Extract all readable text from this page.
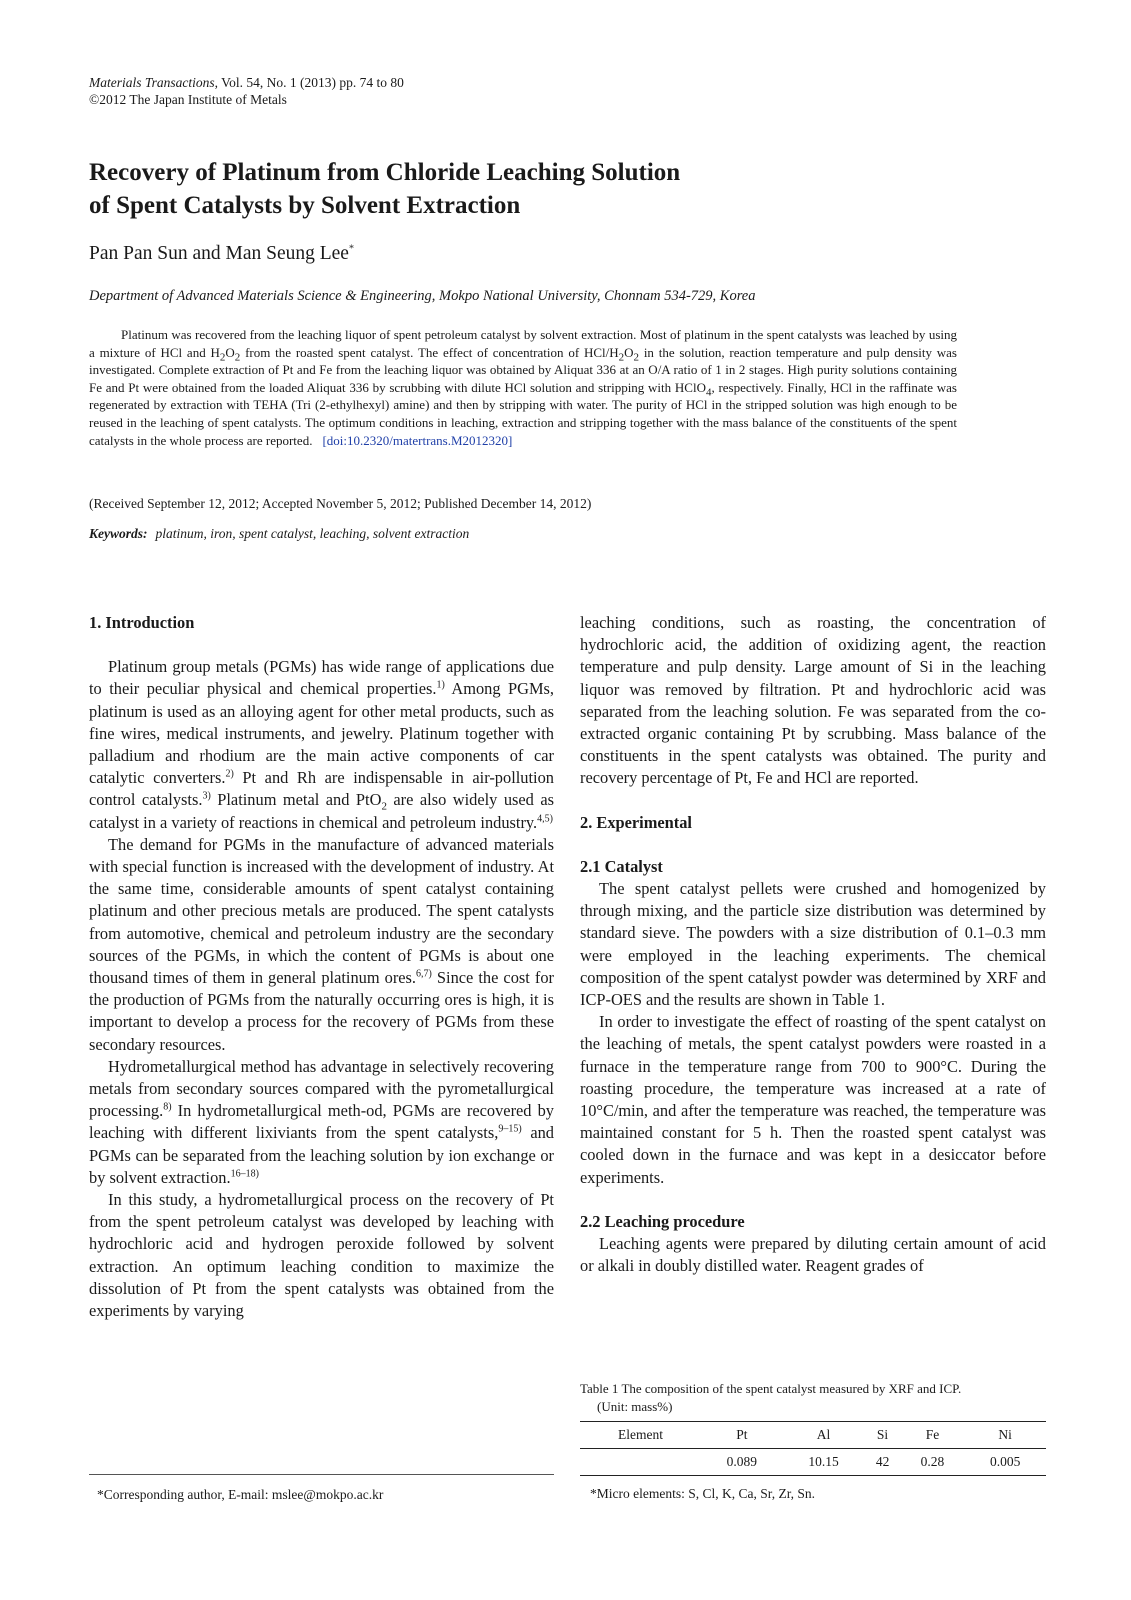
Materials Transactions, Vol. 54, No. 1 (2013) pp. 74 to 80
©2012 The Japan Institute of Metals
Recovery of Platinum from Chloride Leaching Solution
of Spent Catalysts by Solvent Extraction
Pan Pan Sun and Man Seung Lee*
Department of Advanced Materials Science & Engineering, Mokpo National University, Chonnam 534-729, Korea

Platinum was recovered from the leaching liquor of spent petroleum catalyst by solvent extraction. Most of platinum in the spent catalysts was leached by using a mixture of HCl and $H_2O_2$ from the roasted spent catalyst. The effect of concentration of HCl/$H_2O_2$ in the solution, reaction temperature and pulp density was investigated. Complete extraction of Pt and Fe from the leaching liquor was obtained by Aliquat 336 at an O/A ratio of 1 in 2 stages. High purity solutions containing Fe and Pt were obtained from the loaded Aliquat 336 by scrubbing with dilute HCl solution and stripping with HClO$_4$, respectively. Finally, HCl in the raffinate was regenerated by extraction with TEHA (Tri (2-ethylhexyl) amine) and then by stripping with water. The purity of HCl in the stripped solution was high enough to be reused in the leaching of spent catalysts. The optimum conditions in leaching, extraction and stripping together with the mass balance of the constituents of the spent catalysts in the whole process are reported. [doi:10.2320/matertrans.M2012320]

(Received September 12, 2012; Accepted November 5, 2012; Published December 14, 2012)
Keywords: platinum, iron, spent catalyst, leaching, solvent extraction
1. Introduction

Platinum group metals (PGMs) has wide range of applications due to their peculiar physical and chemical properties.$^{1)}$ Among PGMs, platinum is used as an alloying agent for other metal products, such as fine wires, medical instruments, and jewelry. Platinum together with palladium and rhodium are the main active components of car catalytic converters.$^{2)}$ Pt and Rh are indispensable in air-pollution control catalysts.$^{3)}$ Platinum metal and PtO$_2$ are also widely used as catalyst in a variety of reactions in chemical and petroleum industry.$^{4,5)}$

The demand for PGMs in the manufacture of advanced materials with special function is increased with the development of industry. At the same time, considerable amounts of spent catalyst containing platinum and other precious metals are produced. The spent catalysts from automotive, chemical and petroleum industry are the secondary sources of the PGMs, in which the content of PGMs is about one thousand times of them in general platinum ores.$^{6,7)}$ Since the cost for the production of PGMs from the naturally occurring ores is high, it is important to develop a process for the recovery of PGMs from these secondary resources.

Hydrometallurgical method has advantage in selectively recovering metals from secondary sources compared with the pyrometallurgical processing.$^{8)}$ In hydrometallurgical meth-od, PGMs are recovered by leaching with different lixiviants from the spent catalysts,$^{9-15)}$ and PGMs can be separated from the leaching solution by ion exchange or by solvent extraction.$^{16-18)}$

In this study, a hydrometallurgical process on the recovery of Pt from the spent petroleum catalyst was developed by leaching with hydrochloric acid and hydrogen peroxide followed by solvent extraction. An optimum leaching condition to maximize the dissolution of Pt from the spent catalysts was obtained from the experiments by varying

leaching conditions, such as roasting, the concentration of hydrochloric acid, the addition of oxidizing agent, the reaction temperature and pulp density. Large amount of Si in the leaching liquor was removed by filtration. Pt and hydrochloric acid was separated from the leaching solution. Fe was separated from the co-extracted organic containing Pt by scrubbing. Mass balance of the constituents in the spent catalysts was obtained. The purity and recovery percentage of Pt, Fe and HCl are reported.

2. Experimental
2.1 Catalyst

The spent catalyst pellets were crushed and homogenized by through mixing, and the particle size distribution was determined by standard sieve. The powders with a size distribution of 0.1–0.3 mm were employed in the leaching experiments. The chemical composition of the spent catalyst powder was determined by XRF and ICP-OES and the results are shown in Table 1.

In order to investigate the effect of roasting of the spent catalyst on the leaching of metals, the spent catalyst powders were roasted in a furnace in the temperature range from 700 to 900°C. During the roasting procedure, the temperature was increased at a rate of 10°C/min, and after the temperature was reached, the temperature was maintained constant for 5 h. Then the roasted spent catalyst was cooled down in the furnace and was kept in a desiccator before experiments.

2.2 Leaching procedure

Leaching agents were prepared by diluting certain amount of acid or alkali in doubly distilled water. Reagent grades of

Table 1 The composition of the spent catalyst measured by XRF and ICP.
(Unit: mass%)
Element	Pt	Al	Si	Fe	Ni
	0.089	10.15	42	0.28	0.005
*Micro elements: S, Cl, K, Ca, Sr, Zr, Sn.
*Corresponding author, E-mail: mslee@mokpo.ac.kr
